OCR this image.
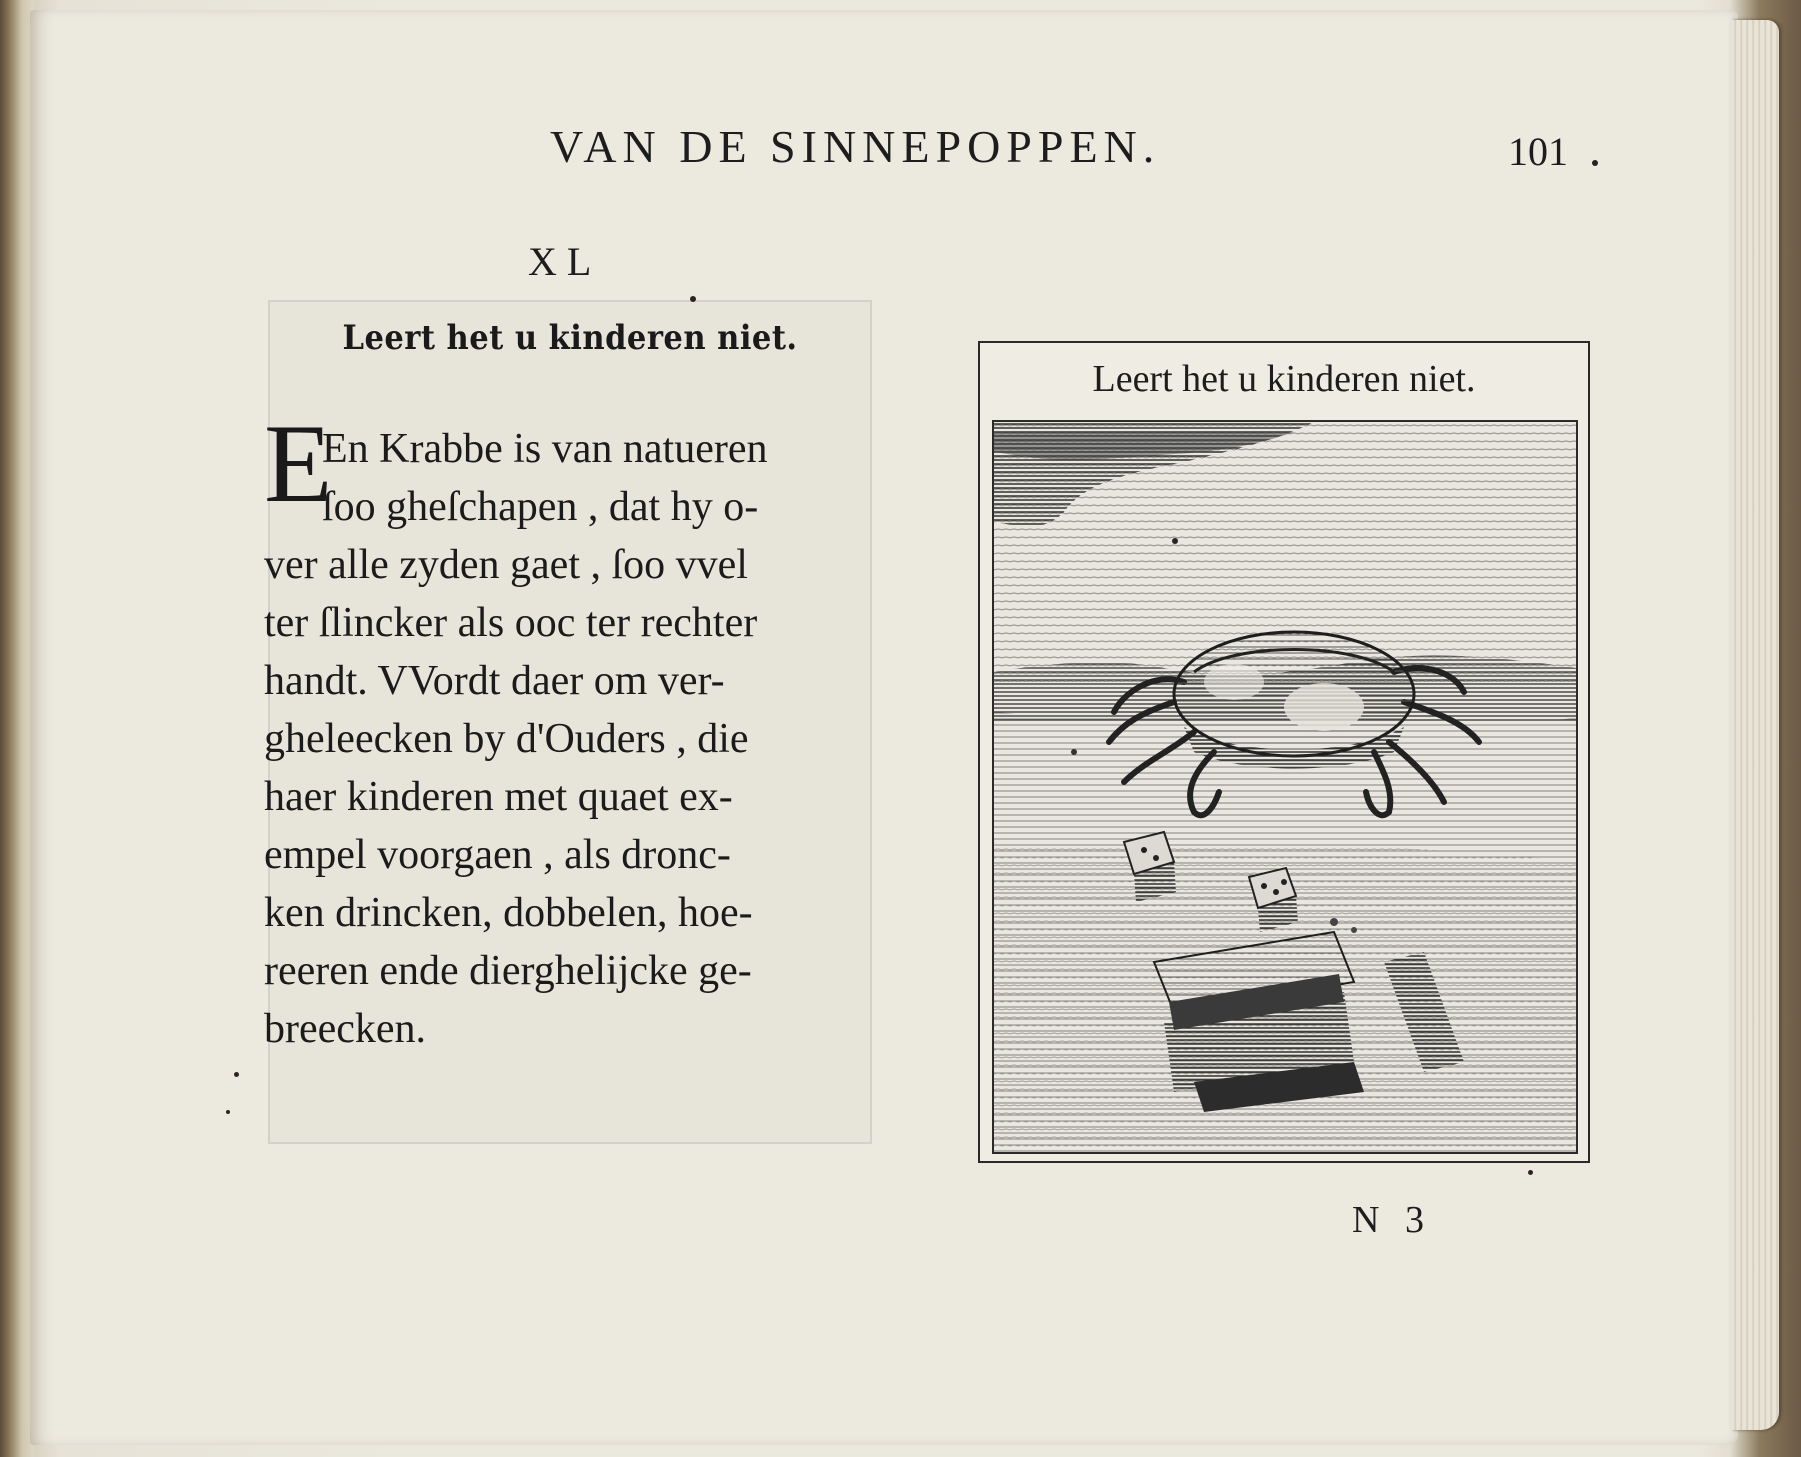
VAN DE SINNEPOPPEN.	101
XL
Leert het u kinderen niet.
E
En Krabbe is van natueren
ſoo gheſchapen , dat hy o-
ver alle zyden gaet , ſoo vvel
ter ſlincker als ooc ter rechter
handt. VVordt daer om ver-
gheleecken by d'Ouders , die
haer kinderen met quaet ex-
empel voorgaen , als dronc-
ken drincken, dobbelen, hoe-
reeren ende dierghelijcke ge-
breecken.
Leert het u kinderen niet.
N 3
